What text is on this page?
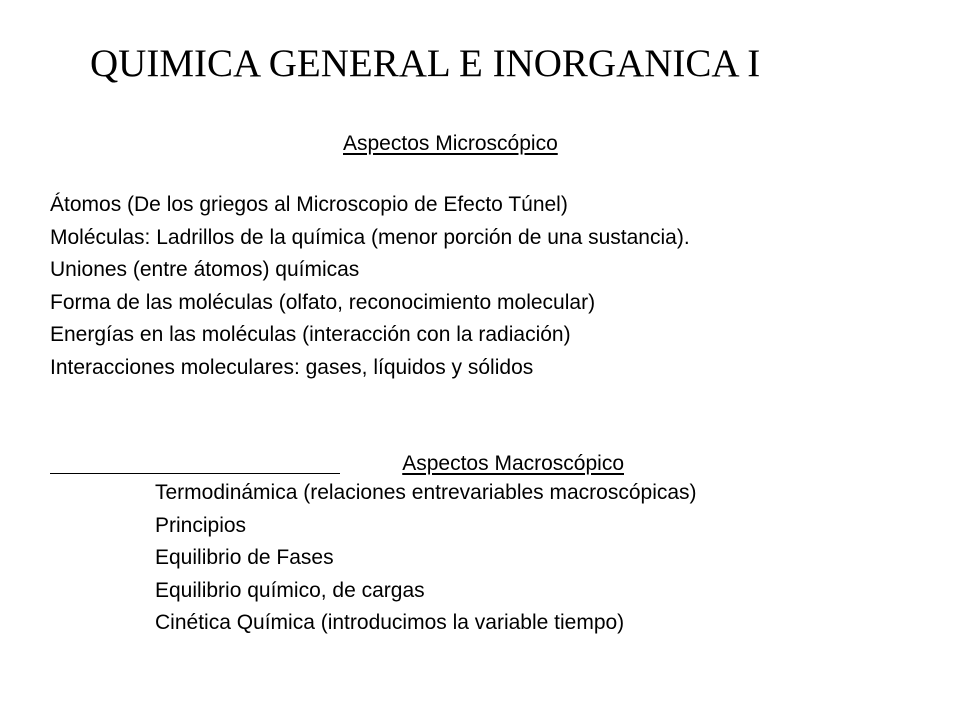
QUIMICA GENERAL E INORGANICA I
Aspectos Microscópico
Átomos (De los griegos al Microscopio de Efecto Túnel)
Moléculas: Ladrillos de la química (menor porción de una sustancia).
Uniones (entre átomos) químicas
Forma de las moléculas (olfato, reconocimiento molecular)
Energías en las moléculas (interacción con la radiación)
Interacciones moleculares: gases, líquidos y sólidos
Aspectos Macroscópico
Termodinámica (relaciones entrevariables macroscópicas)
Principios
Equilibrio de Fases
Equilibrio químico, de cargas
Cinética Química (introducimos la variable tiempo)
